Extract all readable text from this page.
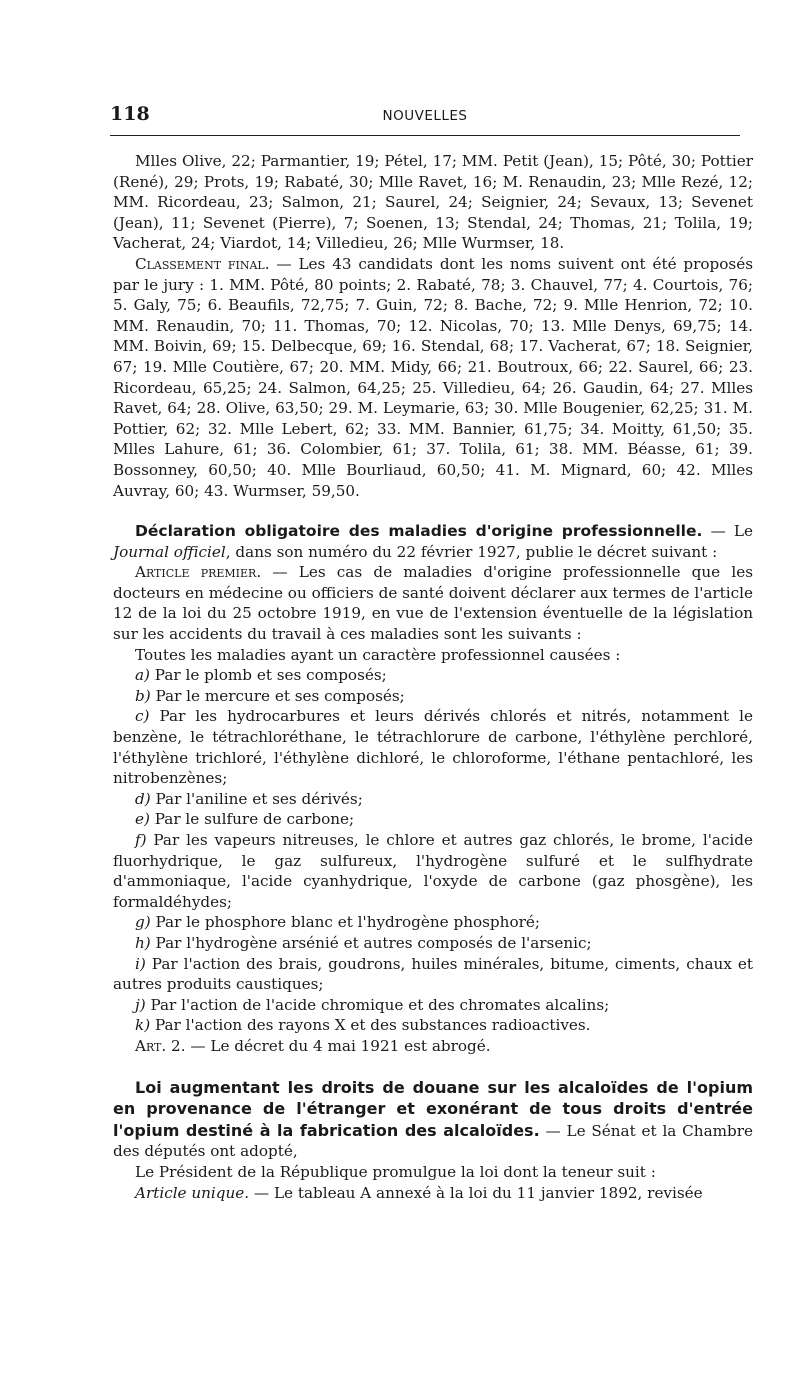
118	NOUVELLES

Mlles Olive, 22; Parmantier, 19; Pétel, 17; MM. Petit (Jean), 15; Pôté, 30; Pottier (René), 29; Prots, 19; Rabaté, 30; Mlle Ravet, 16; M. Renaudin, 23; Mlle Rezé, 12; MM. Ricordeau, 23; Salmon, 21; Saurel, 24; Seignier, 24; Sevaux, 13; Sevenet (Jean), 11; Sevenet (Pierre), 7; Soenen, 13; Stendal, 24; Thomas, 21; Tolila, 19; Vacherat, 24; Viardot, 14; Villedieu, 26; Mlle Wurmser, 18.

Classement final. — Les 43 candidats dont les noms suivent ont été proposés par le jury : 1. MM. Pôté, 80 points; 2. Rabaté, 78; 3. Chauvel, 77; 4. Courtois, 76; 5. Galy, 75; 6. Beaufils, 72,75; 7. Guin, 72; 8. Bache, 72; 9. Mlle Henrion, 72; 10. MM. Renaudin, 70; 11. Thomas, 70; 12. Nicolas, 70; 13. Mlle Denys, 69,75; 14. MM. Boivin, 69; 15. Delbecque, 69; 16. Stendal, 68; 17. Vacherat, 67; 18. Seignier, 67; 19. Mlle Coutière, 67; 20. MM. Midy, 66; 21. Boutroux, 66; 22. Saurel, 66; 23. Ricordeau, 65,25; 24. Salmon, 64,25; 25. Villedieu, 64; 26. Gaudin, 64; 27. Mlles Ravet, 64; 28. Olive, 63,50; 29. M. Leymarie, 63; 30. Mlle Bougenier, 62,25; 31. M. Pottier, 62; 32. Mlle Lebert, 62; 33. MM. Bannier, 61,75; 34. Moitty, 61,50; 35. Mlles Lahure, 61; 36. Colombier, 61; 37. Tolila, 61; 38. MM. Béasse, 61; 39. Bossonney, 60,50; 40. Mlle Bourliaud, 60,50; 41. M. Mignard, 60; 42. Mlles Auvray, 60; 43. Wurmser, 59,50.

Déclaration obligatoire des maladies d'origine professionnelle. — Le Journal officiel, dans son numéro du 22 février 1927, publie le décret suivant :

Article premier. — Les cas de maladies d'origine professionnelle que les docteurs en médecine ou officiers de santé doivent déclarer aux termes de l'article 12 de la loi du 25 octobre 1919, en vue de l'extension éventuelle de la législation sur les accidents du travail à ces maladies sont les suivants :

Toutes les maladies ayant un caractère professionnel causées :

a) Par le plomb et ses composés;

b) Par le mercure et ses composés;

c) Par les hydrocarbures et leurs dérivés chlorés et nitrés, notamment le benzène, le tétrachloréthane, le tétrachlorure de carbone, l'éthylène perchloré, l'éthylène trichloré, l'éthylène dichloré, le chloroforme, l'éthane pentachloré, les nitrobenzènes;

d) Par l'aniline et ses dérivés;

e) Par le sulfure de carbone;

f) Par les vapeurs nitreuses, le chlore et autres gaz chlorés, le brome, l'acide fluorhydrique, le gaz sulfureux, l'hydrogène sulfuré et le sulfhydrate d'ammoniaque, l'acide cyanhydrique, l'oxyde de carbone (gaz phosgène), les formaldéhydes;

g) Par le phosphore blanc et l'hydrogène phosphoré;

h) Par l'hydrogène arsénié et autres composés de l'arsenic;

i) Par l'action des brais, goudrons, huiles minérales, bitume, ciments, chaux et autres produits caustiques;

j) Par l'action de l'acide chromique et des chromates alcalins;

k) Par l'action des rayons X et des substances radioactives.

Art. 2. — Le décret du 4 mai 1921 est abrogé.

Loi augmentant les droits de douane sur les alcaloïdes de l'opium en provenance de l'étranger et exonérant de tous droits d'entrée l'opium destiné à la fabrication des alcaloïdes. — Le Sénat et la Chambre des députés ont adopté,

Le Président de la République promulgue la loi dont la teneur suit :

Article unique. — Le tableau A annexé à la loi du 11 janvier 1892, revisée
